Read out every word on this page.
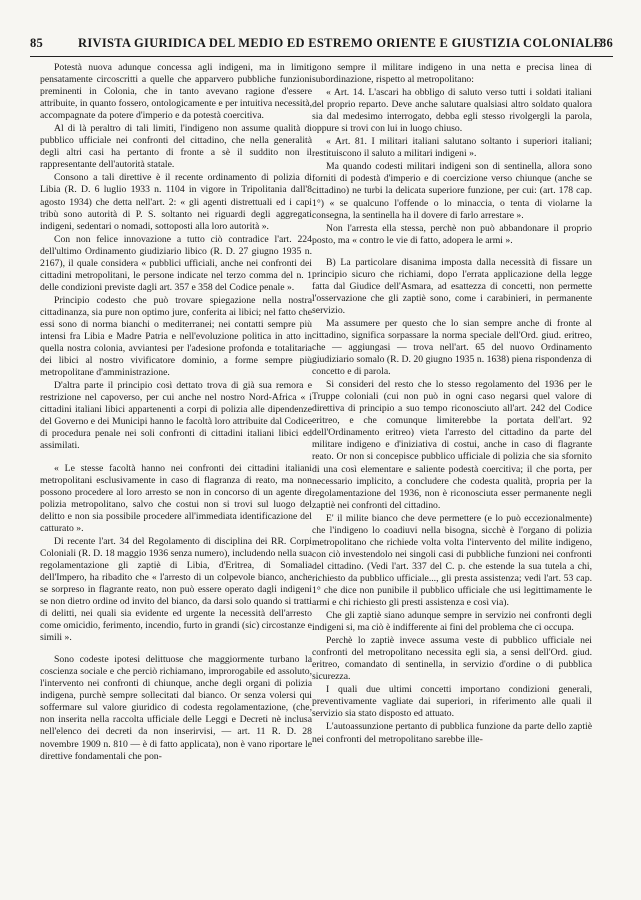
85	RIVISTA GIURIDICA DEL MEDIO ED ESTREMO ORIENTE E GIUSTIZIA COLONIALE
86

Potestà nuova adunque concessa agli indigeni, ma in limiti pensatamente circoscritti a quelle che apparvero pubbliche funzioni preminenti in Colonia, che in tanto avevano ragione d'essere attribuite, in quanto fossero, ontologicamente e per intuitiva necessità, accompagnate da potere d'imperio e da potestà coercitiva.

Al di là peraltro di tali limiti, l'indigeno non assume qualità di pubblico ufficiale nei confronti del cittadino, che nella generalità degli altri casi ha pertanto di fronte a sè il suddito non il rappresentante dell'autorità statale.

Consono a tali direttive è il recente ordinamento di polizia di Libia (R. D. 6 luglio 1933 n. 1104 in vigore in Tripolitania dall'8 agosto 1934) che detta nell'art. 2: « gli agenti distrettuali ed i capi tribù sono autorità di P. S. soltanto nei riguardi degli aggregati indigeni, sedentari o nomadi, sottoposti alla loro autorità ».

Con non felice innovazione a tutto ciò contradice l'art. 224 dell'ultimo Ordinamento giudiziario libico (R. D. 27 giugno 1935 n. 2167), il quale considera « pubblici ufficiali, anche nei confronti dei cittadini metropolitani, le persone indicate nel terzo comma del n. 1 delle condizioni previste dagli art. 357 e 358 del Codice penale ».

Principio codesto che può trovare spiegazione nella nostra cittadinanza, sia pure non optimo jure, conferita ai libici; nel fatto che essi sono di norma bianchi o mediterranei; nei contatti sempre più intensi fra Libia e Madre Patria e nell'evoluzione politica in atto in quella nostra colonia, avviantesi per l'adesione profonda e totalitaria dei libici al nostro vivificatore dominio, a forme sempre più metropolitane d'amministrazione.

D'altra parte il principio così dettato trova di già sua remora e restrizione nel capoverso, per cui anche nel nostro Nord-Africa « i cittadini italiani libici appartenenti a corpi di polizia alle dipendenze del Governo e dei Municipi hanno le facoltà loro attribuite dal Codice di procedura penale nei soli confronti di cittadini italiani libici ed assimilati.

« Le stesse facoltà hanno nei confronti dei cittadini italiani metropolitani esclusivamente in caso di flagranza di reato, ma non possono procedere al loro arresto se non in concorso di un agente di polizia metropolitano, salvo che costui non si trovi sul luogo del delitto e non sia possibile procedere all'immediata identificazione del catturato ».

Di recente l'art. 34 del Regolamento di disciplina dei RR. Corpi Coloniali (R. D. 18 maggio 1936 senza numero), includendo nella sua regolamentazione gli zaptiè di Libia, d'Eritrea, di Somalia dell'Impero, ha ribadito che « l'arresto di un colpevole bianco, anche se sorpreso in flagrante reato, non può essere operato dagli indigeni se non dietro ordine od invito del bianco, da darsi solo quando si tratti di delitti, nei quali sia evidente ed urgente la necessità dell'arresto come omicidio, ferimento, incendio, furto in grandi (sic) circostanze e simili ».

Sono codeste ipotesi delittuose che maggiormente turbano la coscienza sociale e che perciò richiamano, improrogabile ed assoluto, l'intervento nei confronti di chiunque, anche degli organi di polizia indigena, purchè sempre sollecitati dal bianco. Or senza volersi qui soffermare sul valore giuridico di codesta regolamentazione, (che, non inserita nella raccolta ufficiale delle Leggi e Decreti nè inclusa nell'elenco dei decreti da non inserirvisi, — art. 11 R. D. 28 novembre 1909 n. 810 — è di fatto applicata), non è vano riportare le direttive fondamentali che pon-

gono sempre il militare indigeno in una netta e precisa linea di subordinazione, rispetto al metropolitano:

« Art. 14. L'ascari ha obbligo di saluto verso tutti i soldati italiani del proprio reparto. Deve anche salutare qualsiasi altro soldato qualora sia dal medesimo interrogato, debba egli stesso rivolgergli la parola, oppure si trovi con lui in luogo chiuso.

« Art. 81. I militari italiani salutano soltanto i superiori italiani; restituiscono il saluto a militari indigeni ».

Ma quando codesti militari indigeni son di sentinella, allora sono forniti di podestà d'imperio e di coercizione verso chiunque (anche se cittadino) ne turbi la delicata superiore funzione, per cui: (art. 178 cap. 1°) « se qualcuno l'offende o lo minaccia, o tenta di violarne la consegna, la sentinella ha il dovere di farlo arrestare ».

Non l'arresta ella stessa, perchè non può abbandonare il proprio posto, ma « contro le vie di fatto, adopera le armi ».

B) La particolare disanima imposta dalla necessità di fissare un principio sicuro che richiami, dopo l'errata applicazione della legge fatta dal Giudice dell'Asmara, ad esattezza di concetti, non permette l'osservazione che gli zaptiè sono, come i carabinieri, in permanente servizio.

Ma assumere per questo che lo sian sempre anche di fronte al cittadino, significa sorpassare la norma speciale dell'Ord. giud. eritreo, che — aggiungasi — trova nell'art. 65 del nuovo Ordinamento giudiziario somalo (R. D. 20 giugno 1935 n. 1638) piena rispondenza di concetto e di parola.

Si consideri del resto che lo stesso regolamento del 1936 per le Truppe coloniali (cui non può in ogni caso negarsi quel valore di direttiva di principio a suo tempo riconosciuto all'art. 242 del Codice eritreo, e che comunque limiterebbe la portata dell'art. 92 dell'Ordinamento eritreo) vieta l'arresto del cittadino da parte del militare indigeno e d'iniziativa di costui, anche in caso di flagrante reato. Or non si concepisce pubblico ufficiale di polizia che sia sfornito di una così elementare e saliente podestà coercitiva; il che porta, per necessario implicito, a concludere che codesta qualità, propria per la regolamentazione del 1936, non è riconosciuta esser permanente negli zaptiè nei confronti del cittadino.

E' il milite bianco che deve permettere (e lo può eccezionalmente) che l'indigeno lo coadiuvi nella bisogna, sicchè è l'organo di polizia metropolitano che richiede volta volta l'intervento del milite indigeno, con ciò investendolo nei singoli casi di pubbliche funzioni nei confronti del cittadino. (Vedi l'art. 337 del C. p. che estende la sua tutela a chi, richiesto da pubblico ufficiale..., gli presta assistenza; vedi l'art. 53 cap. 1° che dice non punibile il pubblico ufficiale che usi legittimamente le armi e chi richiesto gli presti assistenza e così via).

Che gli zaptiè siano adunque sempre in servizio nei confronti degli indigeni si, ma ciò è indifferente ai fini del problema che ci occupa.

Perchè lo zaptiè invece assuma veste di pubblico ufficiale nei confronti del metropolitano necessita egli sia, a sensi dell'Ord. giud. eritreo, comandato di sentinella, in servizio d'ordine o di pubblica sicurezza.

I quali due ultimi concetti importano condizioni generali, preventivamente vagliate dai superiori, in riferimento alle quali il servizio sia stato disposto ed attuato.

L'autoassunzione pertanto di pubblica funzione da parte dello zaptiè nei confronti del metropolitano sarebbe ille-
